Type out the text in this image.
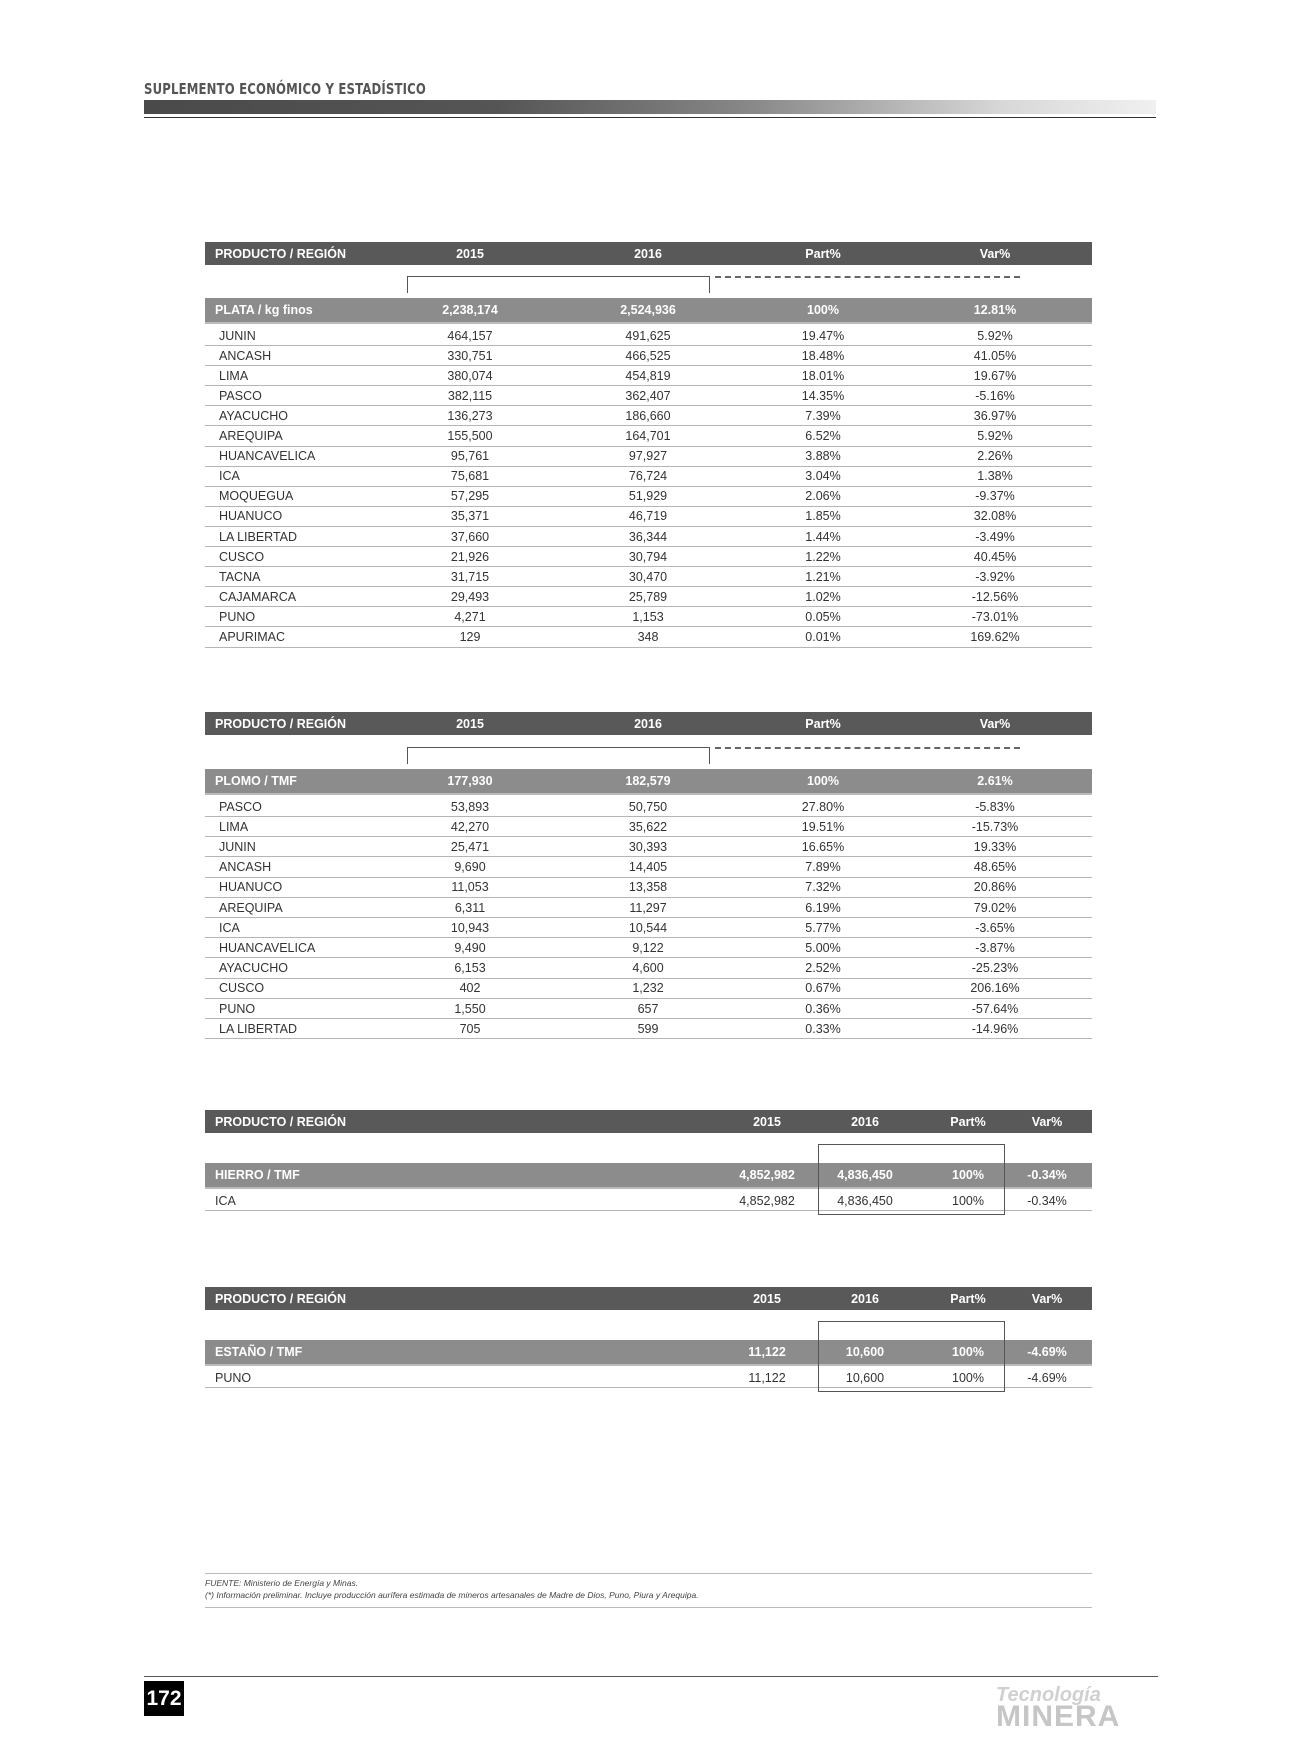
SUPLEMENTO ECONÓMICO Y ESTADÍSTICO
PRODUCTO / REGIÓN	2015	2016	Part%	Var%
PLATA / kg finos	2,238,174	2,524,936	100%	12.81%
JUNIN	464,157	491,625	19.47%	5.92%
ANCASH	330,751	466,525	18.48%	41.05%
LIMA	380,074	454,819	18.01%	19.67%
PASCO	382,115	362,407	14.35%	-5.16%
AYACUCHO	136,273	186,660	7.39%	36.97%
AREQUIPA	155,500	164,701	6.52%	5.92%
HUANCAVELICA	95,761	97,927	3.88%	2.26%
ICA	75,681	76,724	3.04%	1.38%
MOQUEGUA	57,295	51,929	2.06%	-9.37%
HUANUCO	35,371	46,719	1.85%	32.08%
LA LIBERTAD	37,660	36,344	1.44%	-3.49%
CUSCO	21,926	30,794	1.22%	40.45%
TACNA	31,715	30,470	1.21%	-3.92%
CAJAMARCA	29,493	25,789	1.02%	-12.56%
PUNO	4,271	1,153	0.05%	-73.01%
APURIMAC	129	348	0.01%	169.62%
PRODUCTO / REGIÓN	2015	2016	Part%	Var%
PLOMO / TMF	177,930	182,579	100%	2.61%
PASCO	53,893	50,750	27.80%	-5.83%
LIMA	42,270	35,622	19.51%	-15.73%
JUNIN	25,471	30,393	16.65%	19.33%
ANCASH	9,690	14,405	7.89%	48.65%
HUANUCO	11,053	13,358	7.32%	20.86%
AREQUIPA	6,311	11,297	6.19%	79.02%
ICA	10,943	10,544	5.77%	-3.65%
HUANCAVELICA	9,490	9,122	5.00%	-3.87%
AYACUCHO	6,153	4,600	2.52%	-25.23%
CUSCO	402	1,232	0.67%	206.16%
PUNO	1,550	657	0.36%	-57.64%
LA LIBERTAD	705	599	0.33%	-14.96%
PRODUCTO / REGIÓN	2015	2016	Part%	Var%
HIERRO / TMF	4,852,982	4,836,450	100%	-0.34%
ICA	4,852,982	4,836,450	100%	-0.34%
PRODUCTO / REGIÓN	2015	2016	Part%	Var%
ESTAÑO / TMF	11,122	10,600	100%	-4.69%
PUNO	11,122	10,600	100%	-4.69%
FUENTE: Ministerio de Energía y Minas.
(*) Información preliminar. Incluye producción aurífera estimada de mineros artesanales de Madre de Dios, Puno, Piura y Arequipa.
172	Tecnología
MINERA
